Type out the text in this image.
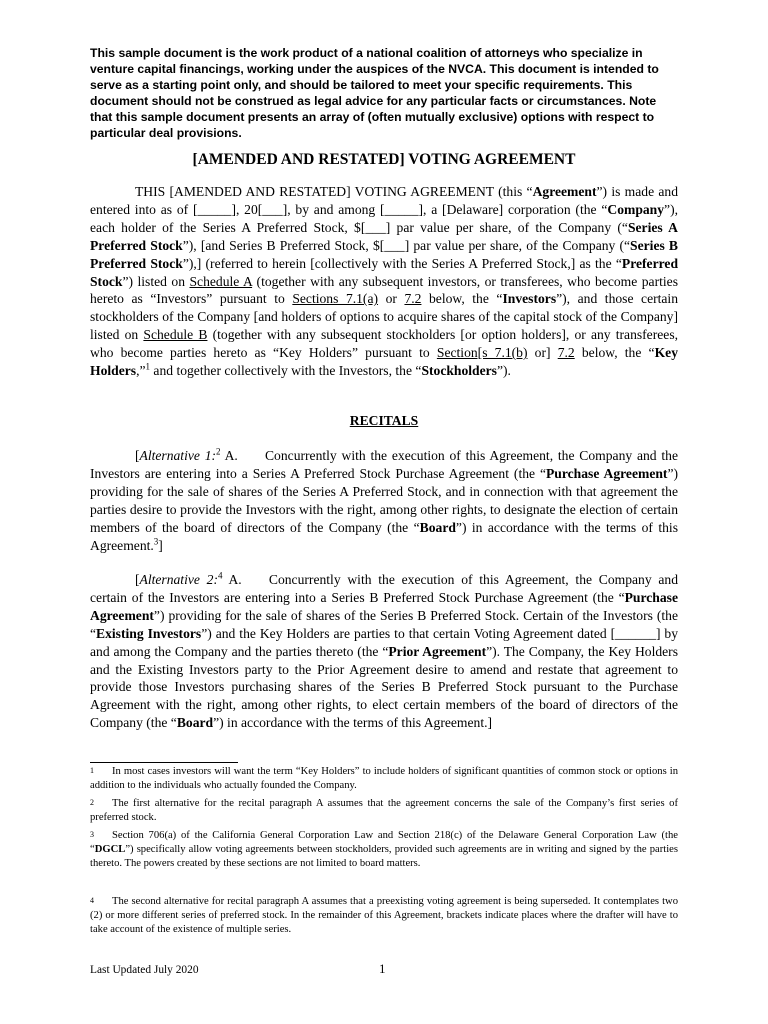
This sample document is the work product of a national coalition of attorneys who specialize in venture capital financings, working under the auspices of the NVCA. This document is intended to serve as a starting point only, and should be tailored to meet your specific requirements. This document should not be construed as legal advice for any particular facts or circumstances. Note that this sample document presents an array of (often mutually exclusive) options with respect to particular deal provisions.

[AMENDED AND RESTATED] VOTING AGREEMENT

THIS [AMENDED AND RESTATED] VOTING AGREEMENT (this “Agreement”) is made and entered into as of [_____], 20[___], by and among [_____], a [Delaware] corporation (the “Company”), each holder of the Series A Preferred Stock, $[___] par value per share, of the Company (“Series A Preferred Stock”), [and Series B Preferred Stock, $[___] par value per share, of the Company (“Series B Preferred Stock”),] (referred to herein [collectively with the Series A Preferred Stock,] as the “Preferred Stock”) listed on Schedule A (together with any subsequent investors, or transferees, who become parties hereto as “Investors” pursuant to Sections 7.1(a) or 7.2 below, the “Investors”), and those certain stockholders of the Company [and holders of options to acquire shares of the capital stock of the Company] listed on Schedule B (together with any subsequent stockholders [or option holders], or any transferees, who become parties hereto as “Key Holders” pursuant to Section[s 7.1(b) or] 7.2 below, the “Key Holders,”$^1$ and together collectively with the Investors, the “Stockholders”).

RECITALS

[Alternative 1:$^2$ A.  Concurrently with the execution of this Agreement, the Company and the Investors are entering into a Series A Preferred Stock Purchase Agreement (the “Purchase Agreement”) providing for the sale of shares of the Series A Preferred Stock, and in connection with that agreement the parties desire to provide the Investors with the right, among other rights, to designate the election of certain members of the board of directors of the Company (the “Board”) in accordance with the terms of this Agreement.$^3$]

[Alternative 2:$^4$ A.  Concurrently with the execution of this Agreement, the Company and certain of the Investors are entering into a Series B Preferred Stock Purchase Agreement (the “Purchase Agreement”) providing for the sale of shares of the Series B Preferred Stock. Certain of the Investors (the “Existing Investors”) and the Key Holders are parties to that certain Voting Agreement dated [______] by and among the Company and the parties thereto (the “Prior Agreement”). The Company, the Key Holders and the Existing Investors party to the Prior Agreement desire to amend and restate that agreement to provide those Investors purchasing shares of the Series B Preferred Stock pursuant to the Purchase Agreement with the right, among other rights, to elect certain members of the board of directors of the Company (the “Board”) in accordance with the terms of this Agreement.]

1 In most cases investors will want the term “Key Holders” to include holders of significant quantities of common stock or options in addition to the individuals who actually founded the Company.

2 The first alternative for the recital paragraph A assumes that the agreement concerns the sale of the Company’s first series of preferred stock.

3 Section 706(a) of the California General Corporation Law and Section 218(c) of the Delaware General Corporation Law (the “DGCL”) specifically allow voting agreements between stockholders, provided such agreements are in writing and signed by the parties thereto. The powers created by these sections are not limited to board matters.

4 The second alternative for recital paragraph A assumes that a preexisting voting agreement is being superseded. It contemplates two (2) or more different series of preferred stock. In the remainder of this Agreement, brackets indicate places where the drafter will have to take account of the existence of multiple series.

Last Updated July 2020	1
